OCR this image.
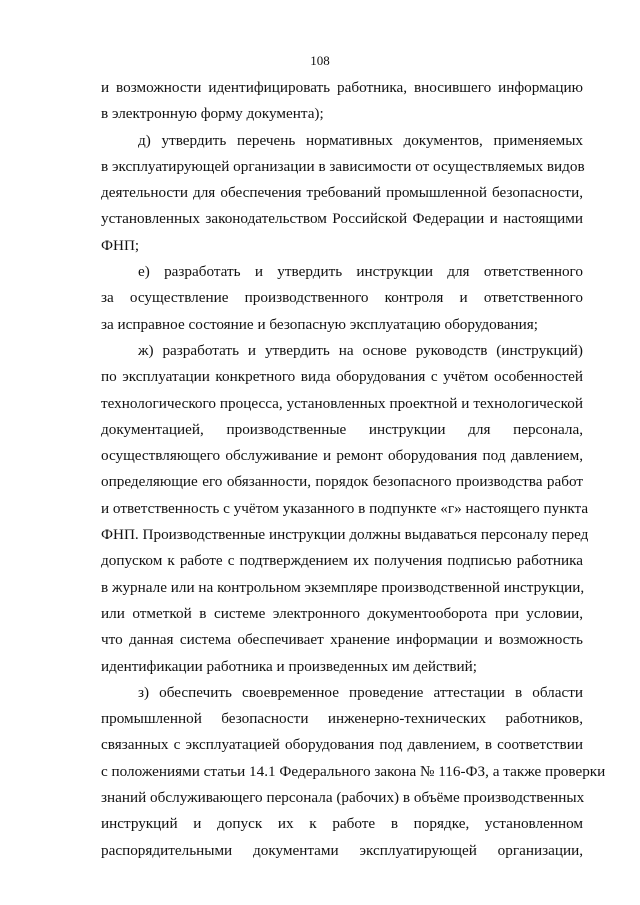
108
и возможности идентифицировать работника, вносившего информацию
в электронную форму документа);
д) утвердить перечень нормативных документов, применяемых
в эксплуатирующей организации в зависимости от осуществляемых видов
деятельности для обеспечения требований промышленной безопасности,
установленных законодательством Российской Федерации и настоящими
ФНП;
е) разработать и утвердить инструкции для ответственного
за осуществление производственного контроля и ответственного
за исправное состояние и безопасную эксплуатацию оборудования;
ж) разработать и утвердить на основе руководств (инструкций)
по эксплуатации конкретного вида оборудования с учётом особенностей
технологического процесса, установленных проектной и технологической
документацией, производственные инструкции для персонала,
осуществляющего обслуживание и ремонт оборудования под давлением,
определяющие его обязанности, порядок безопасного производства работ
и ответственность с учётом указанного в подпункте «г» настоящего пункта
ФНП. Производственные инструкции должны выдаваться персоналу перед
допуском к работе с подтверждением их получения подписью работника
в журнале или на контрольном экземпляре производственной инструкции,
или отметкой в системе электронного документооборота при условии,
что данная система обеспечивает хранение информации и возможность
идентификации работника и произведенных им действий;
з) обеспечить своевременное проведение аттестации в области
промышленной безопасности инженерно-технических работников,
связанных с эксплуатацией оборудования под давлением, в соответствии
с положениями статьи 14.1 Федерального закона № 116-ФЗ, а также проверки
знаний обслуживающего персонала (рабочих) в объёме производственных
инструкций и допуск их к работе в порядке, установленном
распорядительными документами эксплуатирующей организации,
